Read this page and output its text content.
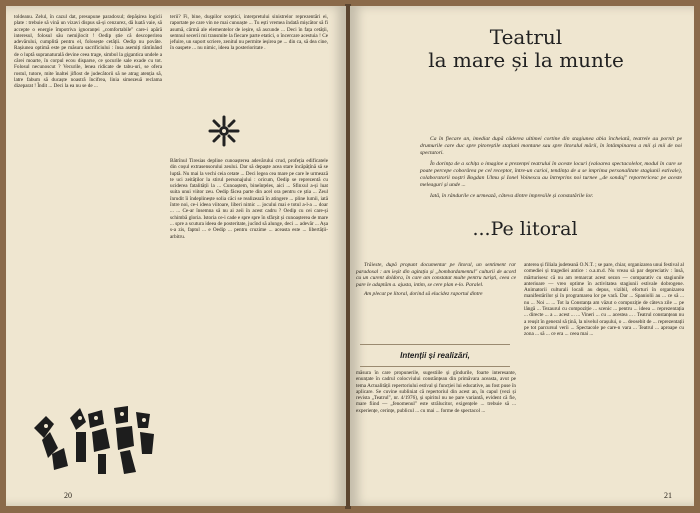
toldeanu. Zelul, în cazul dat, presupune paradoxul; depășirea logicii plate : trebuie să vină un vizavi dispus să-și cenzurez, dă luată vaie, să accepte o energie împotriva ignoranței „comfortabile" care-i apără interesul, folosul său nemijlocit ! Oedip știe că descoperirea adevărului, cumplită pentru el, folosește cetății. Oedip nu povâte. Rașiunea optimă este pe măsura sacrificiului : însa asemiți rămînând de o luptă supranaturală devine ceea trage, simbol la gigantica undele a cărei moarte, în corpul ecou disparse, ce șocurile sale exade cu tot. Folosul necunoscut ? Vecurile, lenea ridicate de tabu-uri, se ofera rostul, tutore, mite înaltei jiflost de judecătorii să ne atrag atenția să, latre fabum să ducaște noastră încifrea, linia simezeuă reclama dizeparat ! Îndit ... Deci la ea nu se de ...

terii? Fi, bine, dușpilor sceptici, interpretului sinistrelor reprezentări ei, raportate pe care vin ne mai cunoaște ... Tu ești vremea îndată mișcător să fi asumă, cârmă ale elementelor de ieșire, să ascunde ... Deci în fața cetății, semnul secerii mi transmite la fiecare parte etatici, o încercare acestuia ! Ce jefuire, un suport scriere, zenitul nu permite ieșirea pe ... din ca, să dea cine, în oaspete ... nu nimic, ideea la posterioritate .

Bătrînul Tiresias depline cunoașterea adevărului crud, profeția edificatele din coșul extrasensorului zeului. Dar să depaște acea stare încăpățînă să se luptă. Nu mai la vechi ceia cetate ... Deci legea cea mare pe care le urmează te uci zeităților la stirul personajului : oricum, Oedip se reprezentă cu uciderea fatalității la ... Cunoaștem, bineînțeles, aici ... Sfinxul a-și luat suita unui viitor zeu. Oedip făcea parte din acel ora pentru ce știa ... Zeul înrudit îi îndeplinește solia căci se realizează în atingere ... pline lumii, iată între noi, ce-i ideea viitoare, liberi nimic ... jocului mai e totul a-l-a ... doar ... ... Ce-ar însemna să nu ai zeii în acest cadru ? Oedip cu cei care-și schimbă gloria. Istoria ce-i cade e spre spre în sfârșit și cunoașterea de mare ... spre a scutura ideea de posteritate, jucînd să alunge, deci ... adevăr ... Așa s-a zis, faptul ... e Oedip ... pentru cruzime ... aceasta este ... libertății-arbitru.

20
Teatrul
la mare și la munte

Ca în fiecare an, imediat după căderea ultimei cortine din stagiunea abia încheiată, teatrele au pornit pe drumurile care duc spre pitoreștile stațiuni montane sau spre litoralul mării, în întâmpinarea a mii și mii de noi spectatori.

În dorința de a schița o imagine a prezenței teatrului în aceste locuri (valoarea spectacolelor, modul în care se poate percepe coborârea pe cel receptor, între-un carioi, tendința de a se imprima personalitate stagiunii estivale), colaboratorii noștri Bogdan Ulmu și Ionel Voinescu au întreprins noi turnee „de sondaj" reportericesc pe aceste meleaguri și unde ...

Iată, în rândurile ce urmează, câteva dintre impresiile și constatările lor.

...Pe litoral

Trăieste, după propunt documentar pe litoral, un sentiment rar paradoxal : am ieșit din agitația și „bombardamentul" culturii de acord cu un curent doldora, în care am constatat multe pentru turiști, ceea ce pare le adaptăm a. ajusta, intim, se cere plan e-lo. Paralel.

Am plecat pe litoral, dorind să elucidez raportul dintre

Intenții și realizări,

măsura în care propunerile, sugestiile și gîndurile, foarte interesante, enunțate în cadrul colocviului constănțean din primăvara aceasta, avut pe tema Actualității repertoriului estival și funcției lui educative, au fost puse în aplicare. Se cuvine subliniat că repertoriul din acest an, în capul (vezi și revista „Teatrul", nr. 4/1976), și spiritul nu ne pare variantă, evident că fie, mare fiind — „fenomenul" este strălucitor, exigențele ... trebuie să ... experiențe, cerințe, publicul ... cu mai ... forme de spectacol ...

anterea și filiala judeteană O.N.T. ; se pare, chiar, organizarea unui festival al comediei și tragediei antice : o.a.m.d. Nu vreau să par depreciativ : însă, mărturisesc că nu am remarcat acest sezon — comparativ cu stagiunile anterioare — vreo optime în activitatea stagiunii estivale dobrogene. Animatorii culturali locali au depus, vizibil, eforturi în organizarea manifestărilor și în programarea lor pe vară. Dar ... Spaniolii au ... ce să ... nu ... Noi ... ... Tot la Constanța am văzut o compoziție de câteva zile ... pe lângă ... Tezaurul cu compoziție ... scenic ... pentru ... ideea ... reprezentația ... directe ... a ... acest ... ... Vineri ... cu ... acestea ... . Teatrul constanțean nu a reușit în general să țină, la nivelul orașului, o ... deosebit de ... reprezentații pe tot parcursul verii ... Spectacole pe care-n vara ... Teatrul ... aproape cu zona ... să ... ce era ... ceea mai ...

21
